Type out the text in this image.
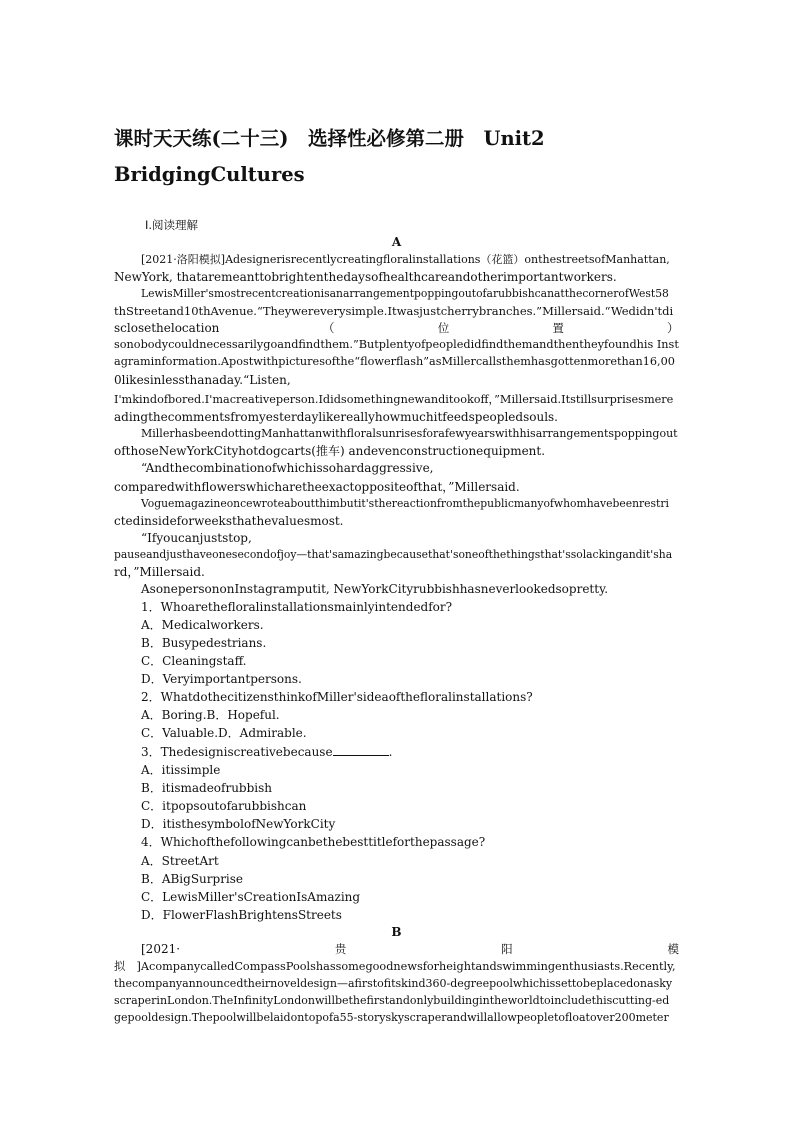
课时天天练(二十三)　选择性必修第二册　Unit2
BridgingCultures
Ⅰ.阅读理解
A
[2021·洛阳模拟]Adesignerisrecentlycreatingfloralinstallations（花篮）onthestreetsofManhattan,
NewYork, thataremeanttobrightenthedaysofhealthcareandotherimportantworkers.
LewisMiller'smostrecentcreationisanarrangementpoppingoutofarubbishcanatthecornerofWest58
thStreetand10thAvenue.“Theywereverysimple.Itwasjustcherrybranches.”Millersaid.“Wedidn'tdi
sclosethelocation	（	位	置	）
sonobodycouldnecessarilygoandfindthem.”Butplentyofpeopledidfindthemandthentheyfoundhis Inst
agraminformation.Apostwithpicturesofthe“flowerflash”asMillercallsthemhasgottenmorethan16,00
0likesinlessthanaday.“Listen,
I'mkindofbored.I'macreativeperson.Ididsomethingnewanditookoff，”Millersaid.Itstillsurprisesmere
adingthecommentsfromyesterdaylikereallyhowmuchitfeedspeopledsouls.
MillerhasbeendottingManhattanwithfloralsunrisesforafewyearswithhisarrangementspoppingout
ofthoseNewYorkCityhotdogcarts(推车) andevenconstructionequipment.
“Andthecombinationofwhichissohardaggressive,
comparedwithflowerswhicharetheexactoppositeofthat，”Millersaid.
Voguemagazineoncewroteaboutthimbutit'sthereactionfromthepublicmanyofwhomhavebeenrestri
ctedinsideforweeksthathevaluesmost.
“Ifyoucanjuststop,
pauseandjusthaveonesecondofjoy—that'samazingbecausethat'soneofthethingsthat'ssolackingandit'sha
rd，”Millersaid.
AsonepersononInstagramputit, NewYorkCityrubbishhasneverlookedsopretty.
1．Whoarethefloralinstallationsmainlyintendedfor?
A．Medicalworkers.
B．Busypedestrians.
C．Cleaningstaff.
D．Veryimportantpersons.
2．WhatdothecitizensthinkofMiller'sideaofthefloralinstallations?
A．Boring.B．Hopeful.
C．Valuable.D．Admirable.
3．Thedesigniscreativebecause	.
A．itissimple
B．itismadeofrubbish
C．itpopsoutofarubbishcan
D．itisthesymbolofNewYorkCity
4．Whichofthefollowingcanbethebesttitleforthepassage?
A．StreetArt
B．ABigSurprise
C．LewisMiller'sCreationIsAmazing
D．FlowerFlashBrightensStreets
B
[2021·	贵	阳	模
拟　]AcompanycalledCompassPoolshassomegoodnewsforheightandswimmingenthusiasts.Recently,
thecompanyannouncedtheirnoveldesign—afirstofitskind360-degreepoolwhichissettobeplacedonasky
scraperinLondon.TheInfinityLondonwillbethefirstandonlybuildingintheworldtoincludethiscutting-ed
gepooldesign.Thepoolwillbelaidontopofa55-storyskyscraperandwillallowpeopletofloatover200meter
